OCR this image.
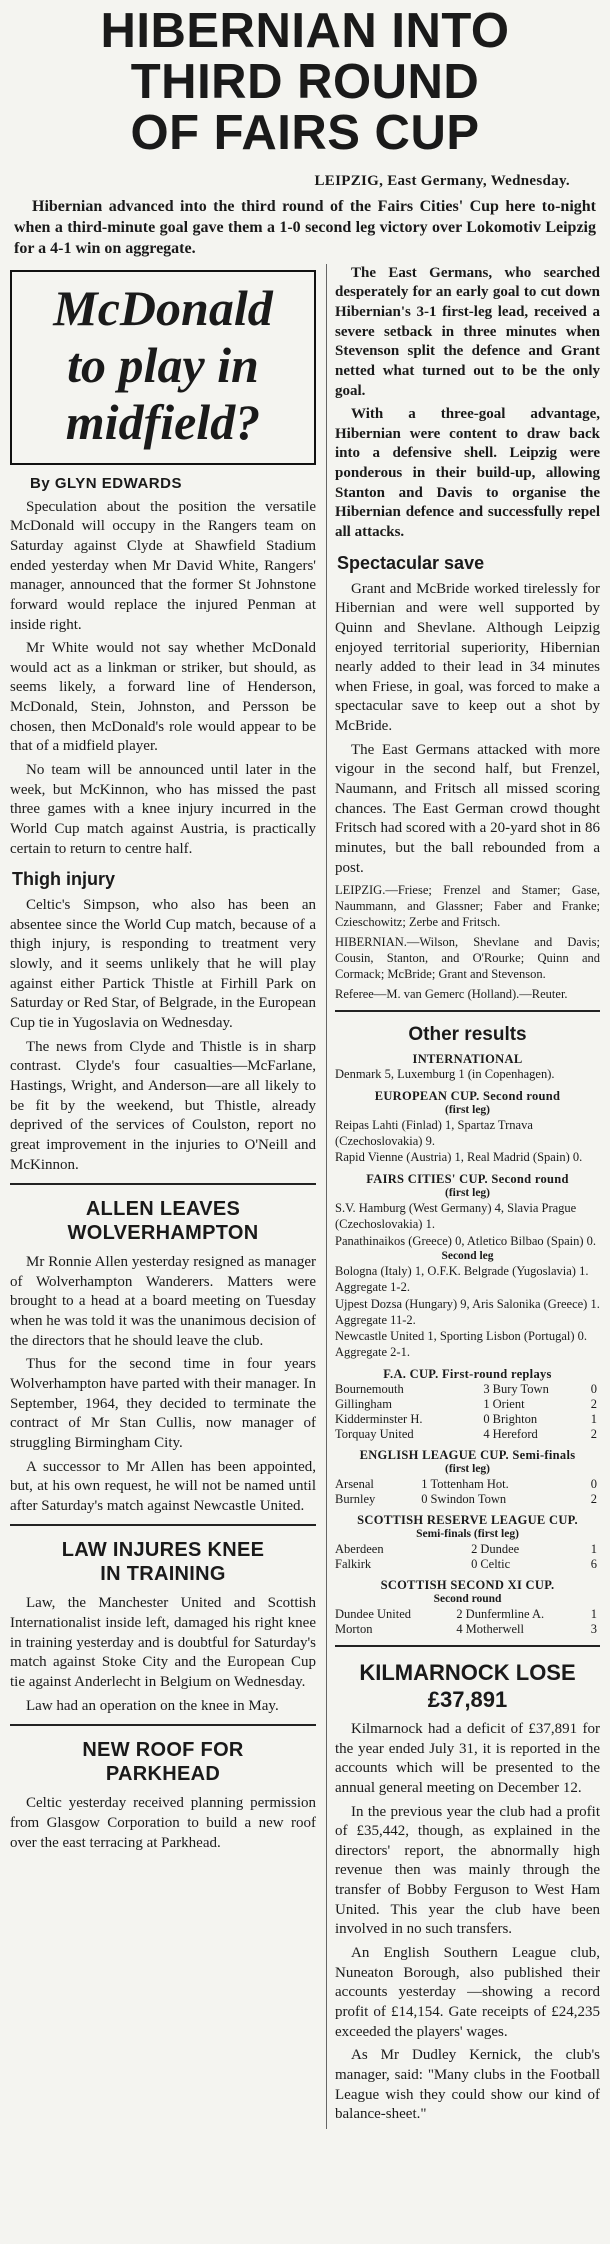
HIBERNIAN INTO
THIRD ROUND
OF FAIRS CUP
LEIPZIG, East Germany, Wednesday.

Hibernian advanced into the third round of the Fairs Cities' Cup here to-night when a third-minute goal gave them a 1-0 second leg victory over Lokomotiv Leipzig for a 4-1 win on aggregate.

McDonald
to play in
midfield?
By GLYN EDWARDS

Speculation about the position the versatile McDonald will occupy in the Rangers team on Saturday against Clyde at Shawfield Stadium ended yesterday when Mr David White, Rangers' manager, announced that the former St Johnstone forward would replace the injured Penman at inside right.

Mr White would not say whether McDonald would act as a linkman or striker, but should, as seems likely, a forward line of Henderson, McDonald, Stein, Johnston, and Persson be chosen, then McDonald's role would appear to be that of a midfield player.

No team will be announced until later in the week, but McKinnon, who has missed the past three games with a knee injury incurred in the World Cup match against Austria, is practically certain to return to centre half.

Thigh injury

Celtic's Simpson, who also has been an absentee since the World Cup match, because of a thigh injury, is responding to treatment very slowly, and it seems unlikely that he will play against either Partick Thistle at Firhill Park on Saturday or Red Star, of Belgrade, in the European Cup tie in Yugoslavia on Wednesday.

The news from Clyde and Thistle is in sharp contrast. Clyde's four casualties—McFarlane, Hastings, Wright, and Anderson—are all likely to be fit by the weekend, but Thistle, already deprived of the services of Coulston, report no great improvement in the injuries to O'Neill and McKinnon.

ALLEN LEAVES
WOLVERHAMPTON

Mr Ronnie Allen yesterday resigned as manager of Wolverhampton Wanderers. Matters were brought to a head at a board meeting on Tuesday when he was told it was the unanimous decision of the directors that he should leave the club.

Thus for the second time in four years Wolverhampton have parted with their manager. In September, 1964, they decided to terminate the contract of Mr Stan Cullis, now manager of struggling Birmingham City.

A successor to Mr Allen has been appointed, but, at his own request, he will not be named until after Saturday's match against Newcastle United.

LAW INJURES KNEE
IN TRAINING

Law, the Manchester United and Scottish Internationalist inside left, damaged his right knee in training yesterday and is doubtful for Saturday's match against Stoke City and the European Cup tie against Anderlecht in Belgium on Wednesday.

Law had an operation on the knee in May.

NEW ROOF FOR
PARKHEAD

Celtic yesterday received planning permission from Glasgow Corporation to build a new roof over the east terracing at Parkhead.

The East Germans, who searched desperately for an early goal to cut down Hibernian's 3-1 first-leg lead, received a severe setback in three minutes when Stevenson split the defence and Grant netted what turned out to be the only goal.

With a three-goal advantage, Hibernian were content to draw back into a defensive shell. Leipzig were ponderous in their build-up, allowing Stanton and Davis to organise the Hibernian defence and successfully repel all attacks.

Spectacular save

Grant and McBride worked tirelessly for Hibernian and were well supported by Quinn and Shevlane. Although Leipzig enjoyed territorial superiority, Hibernian nearly added to their lead in 34 minutes when Friese, in goal, was forced to make a spectacular save to keep out a shot by McBride.

The East Germans attacked with more vigour in the second half, but Frenzel, Naumann, and Fritsch all missed scoring chances. The East German crowd thought Fritsch had scored with a 20-yard shot in 86 minutes, but the ball rebounded from a post.

LEIPZIG.—Friese; Frenzel and Stamer; Gase, Naummann, and Glassner; Faber and Franke; Czieschowitz; Zerbe and Fritsch.

HIBERNIAN.—Wilson, Shevlane and Davis; Cousin, Stanton, and O'Rourke; Quinn and Cormack; McBride; Grant and Stevenson.

Referee—M. van Gemerc (Holland).—Reuter.

Other results
INTERNATIONAL
Denmark 5, Luxemburg 1 (in Copenhagen).
EUROPEAN CUP. Second round
(first leg)
Reipas Lahti (Finlad) 1, Spartaz Trnava (Czechoslovakia) 9.
Rapid Vienne (Austria) 1, Real Madrid (Spain) 0.
FAIRS CITIES' CUP. Second round
(first leg)
S.V. Hamburg (West Germany) 4, Slavia Prague (Czechoslovakia) 1.
Panathinaikos (Greece) 0, Atletico Bilbao (Spain) 0.
Second leg
Bologna (Italy) 1, O.F.K. Belgrade (Yugoslavia) 1. Aggregate 1-2.
Ujpest Dozsa (Hungary) 9, Aris Salonika (Greece) 1. Aggregate 11-2.
Newcastle United 1, Sporting Lisbon (Portugal) 0. Aggregate 2-1.
F.A. CUP. First-round replays
Bournemouth	3	Bury Town	0
Gillingham	1	Orient	2
Kidderminster H.	0	Brighton	1
Torquay United	4	Hereford	2
ENGLISH LEAGUE CUP. Semi-finals
(first leg)
Arsenal	1	Tottenham Hot.	0
Burnley	0	Swindon Town	2
SCOTTISH RESERVE LEAGUE CUP.
Semi-finals (first leg)
Aberdeen	2	Dundee	1
Falkirk	0	Celtic	6
SCOTTISH SECOND XI CUP.
Second round
Dundee United	2	Dunfermline A.	1
Morton	4	Motherwell	3
KILMARNOCK LOSE
£37,891

Kilmarnock had a deficit of £37,891 for the year ended July 31, it is reported in the accounts which will be presented to the annual general meeting on December 12.

In the previous year the club had a profit of £35,442, though, as explained in the directors' report, the abnormally high revenue then was mainly through the transfer of Bobby Ferguson to West Ham United. This year the club have been involved in no such transfers.

An English Southern League club, Nuneaton Borough, also published their accounts yesterday —showing a record profit of £14,154. Gate receipts of £24,235 exceeded the players' wages.

As Mr Dudley Kernick, the club's manager, said: "Many clubs in the Football League wish they could show our kind of balance-sheet."
